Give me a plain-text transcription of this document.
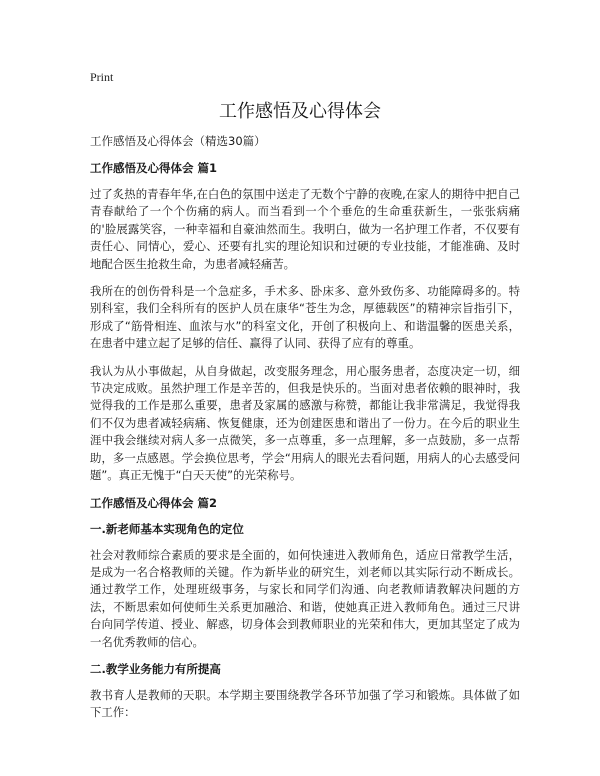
Print
工作感悟及心得体会

工作感悟及心得体会（精选30篇）

工作感悟及心得体会 篇1

过了炙热的青春年华,在白色的氛围中送走了无数个宁静的夜晚,在家人的期待中把自己青春献给了一个个伤痛的病人。而当看到一个个垂危的生命重获新生，一张张病痛的'脸展露笑容，一种幸福和自豪油然而生。我明白，做为一名护理工作者，不仅要有责任心、同情心，爱心、还要有扎实的理论知识和过硬的专业技能，才能准确、及时地配合医生抢救生命，为患者减轻痛苦。

我所在的创伤骨科是一个急症多，手术多、卧床多、意外致伤多、功能障碍多的。特别科室，我们全科所有的医护人员在康华“苍生为念，厚德载医”的精神宗旨指引下，形成了“筋骨相连、血浓与水”的科室文化，开创了积极向上、和谐温馨的医患关系，在患者中建立起了足够的信任、赢得了认同、获得了应有的尊重。

我认为从小事做起，从自身做起，改变服务理念，用心服务患者，态度决定一切，细节决定成败。虽然护理工作是辛苦的，但我是快乐的。当面对患者依赖的眼神时，我觉得我的工作是那么重要，患者及家属的感激与称赞，都能让我非常满足，我觉得我们不仅为患者减轻病痛、恢复健康，还为创建医患和谐出了一份力。在今后的职业生涯中我会继续对病人多一点微笑，多一点尊重，多一点理解，多一点鼓励，多一点帮助，多一点感恩。学会换位思考，学会“用病人的眼光去看问题，用病人的心去感受问题”。真正无愧于“白天天使”的光荣称号。

工作感悟及心得体会 篇2
一.新老师基本实现角色的定位

社会对教师综合素质的要求是全面的，如何快速进入教师角色，适应日常教学生活，是成为一名合格教师的关键。作为新毕业的研究生，刘老师以其实际行动不断成长。通过教学工作，处理班级事务，与家长和同学们沟通、向老教师请教解决问题的方法，不断思索如何使师生关系更加融洽、和谐，使她真正进入教师角色。通过三尺讲台向同学传道、授业、解惑，切身体会到教师职业的光荣和伟大，更加其坚定了成为一名优秀教师的信心。

二.教学业务能力有所提高

教书育人是教师的天职。本学期主要围绕教学各环节加强了学习和锻炼。具体做了如下工作：
